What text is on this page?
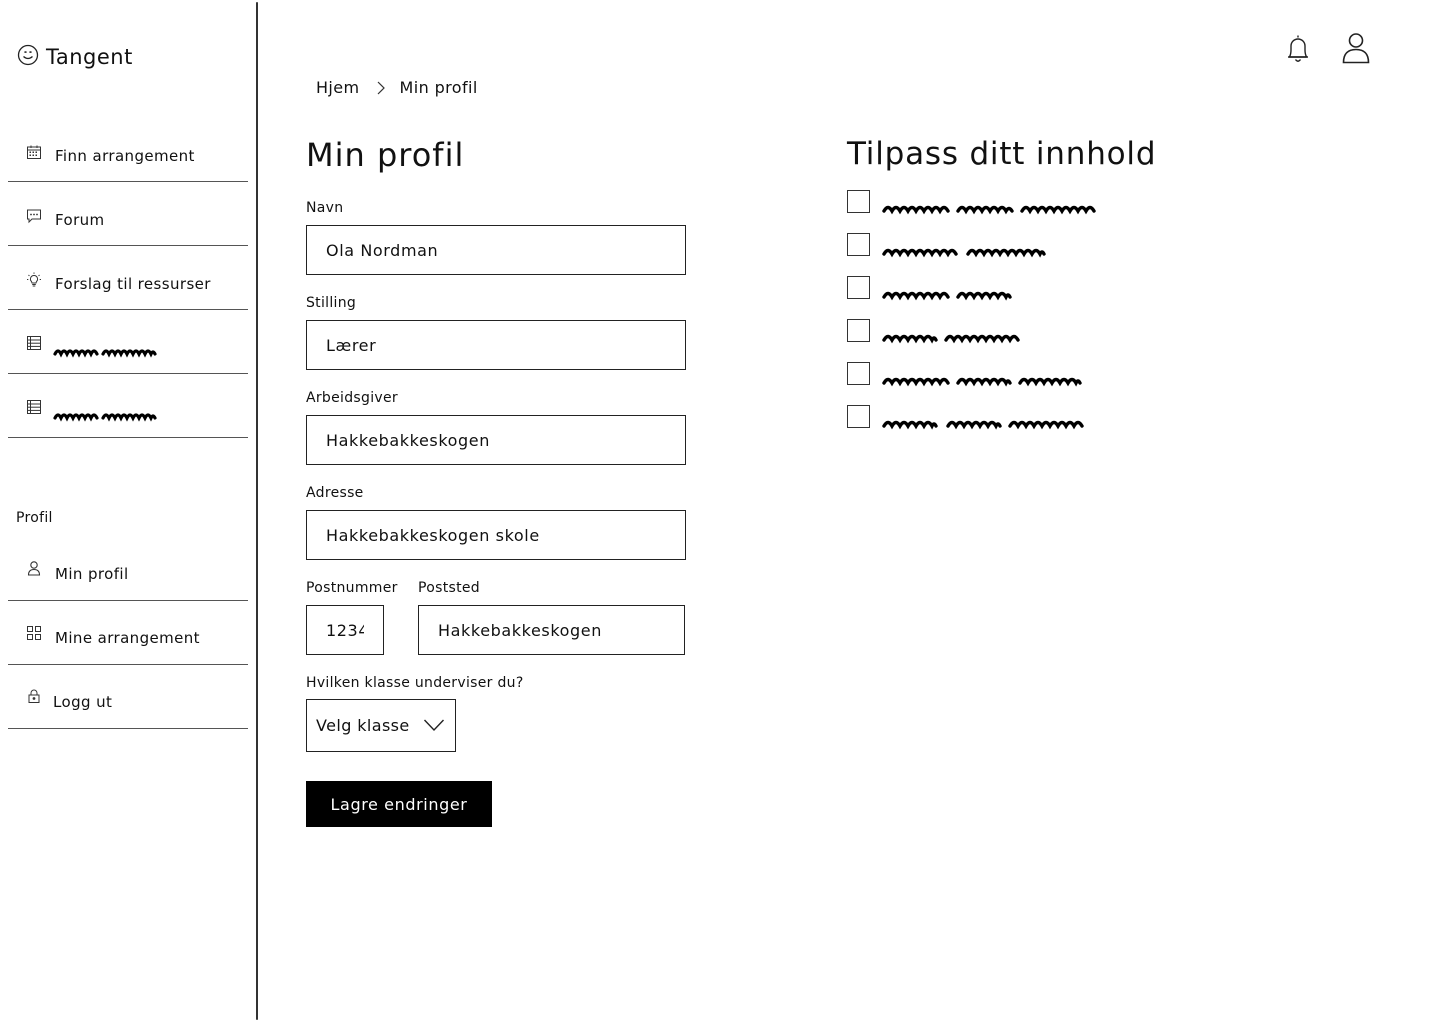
Tangent
Finn arrangement
Forum
Forslag til ressurser
Profil
Min profil
Mine arrangement
Logg ut
Hjem	Min profil
Min profil
Navn
Ola Nordman
Stilling
Lærer
Arbeidsgiver
Hakkebakkeskogen
Adresse
Hakkebakkeskogen skole
Postnummer
1234 Poststed
Hakkebakkeskogen
Hvilken klasse underviser du?
Velg klasse
Lagre endringer
Tilpass ditt innhold
